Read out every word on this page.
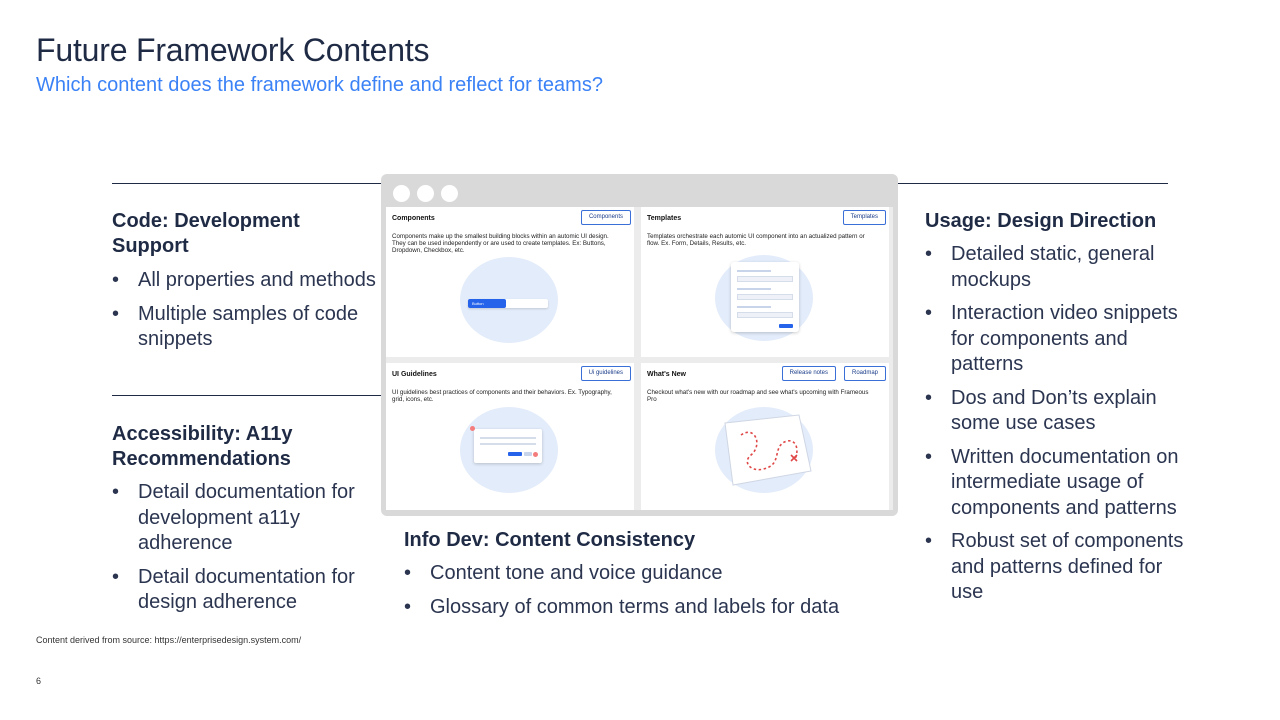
Future Framework Contents

Which content does the framework define and reflect for teams?

Code: Development
Support
• All properties and methods
• Multiple samples of code snippets
Accessibility: A11y
Recommendations
• Detail documentation for development a11y adherence
• Detail documentation for design adherence
Usage: Design Direction
• Detailed static, general mockups
• Interaction video snippets for components and patterns
• Dos and Don’ts explain some use cases
• Written documentation on intermediate usage of components and patterns
• Robust set of components and patterns defined for use
Info Dev: Content Consistency
• Content tone and voice guidance
• Glossary of common terms and labels for data
Components	Components
Components make up the smallest building blocks within an automic UI design. They can be used independently or are used to create templates. Ex: Buttons, Dropdown, Checkbox, etc.
Button
Templates	Templates
Templates orchestrate each automic UI component into an actualized pattern or flow. Ex. Form, Details, Results, etc.
UI Guidelines	Ui guidelines
UI guidelines best practices of components and their behaviors. Ex. Typography, grid, icons, etc.
What's New	Release notes	Roadmap
Checkout what's new with our roadmap and see what's upcoming with Frameous Pro
Content derived from source: https://enterprisedesign.system.com/
6
